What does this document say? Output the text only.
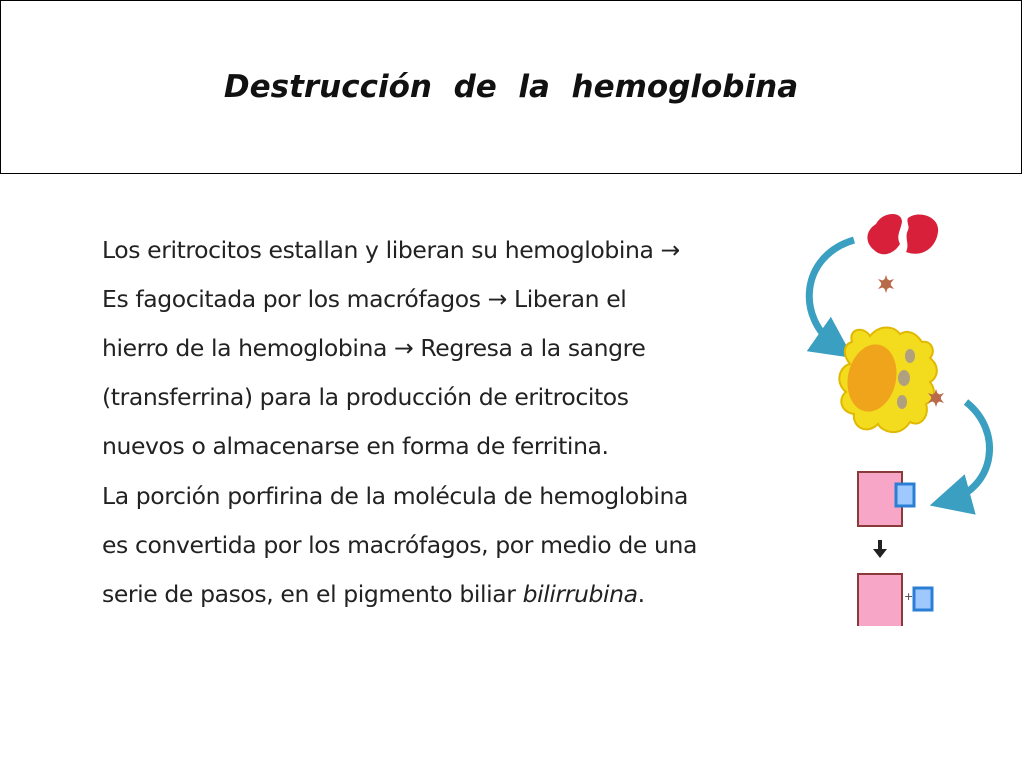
Destrucción  de  la  hemoglobina

Los eritrocitos estallan y liberan su hemoglobina →
Es fagocitada por los macrófagos → Liberan el
hierro de la hemoglobina → Regresa a la sangre
(transferrina) para la producción de eritrocitos
nuevos o almacenarse en forma de ferritina.

La porción porfirina de la molécula de hemoglobina
es convertida por los macrófagos, por medio de una
serie de pasos, en el pigmento biliar bilirrubina.	+
